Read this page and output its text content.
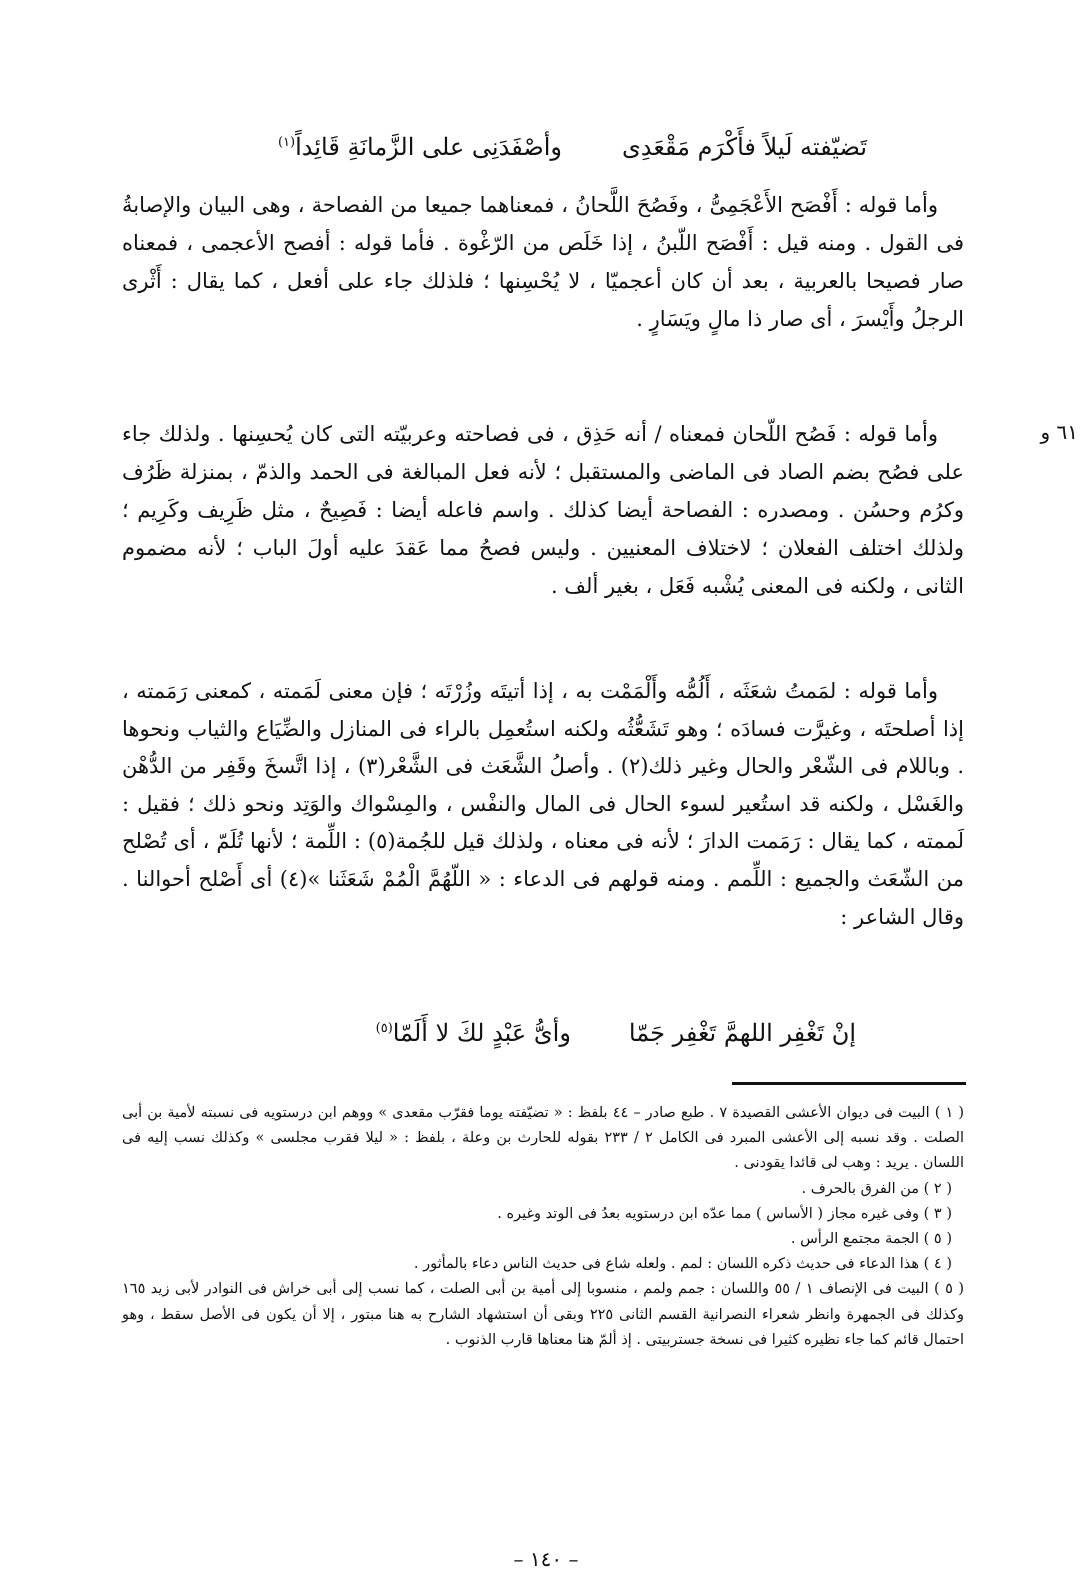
تَضيّفته لَيلاً فأَكْرَم مَقْعَدِىوأصْفَدَنِى على الزَّمانَةِ قَائِداً$^{(١)}$
وأما قوله : أَفْصَح الأَعْجَمِىُّ ، وفَصُحَ اللَّحانُ ، فمعناهما جميعا من الفصاحة ، وهى البيان والإصابةُ فى القول . ومنه قيل : أَفْصَح اللّبنُ ، إذا خَلَص من الرّغْوة . فأما قوله : أفصح الأعجمى ، فمعناه صار فصيحا بالعربية ، بعد أن كان أعجميّا ، لا يُحْسِنها ؛ فلذلك جاء على أفعل ، كما يقال : أَثْرى الرجلُ وأَيْسرَ ، أى صار ذا مالٍ ويَسَارٍ .
٦١ و
وأما قوله : فَصُح اللّحان فمعناه / أنه حَذِق ، فى فصاحته وعربيّته التى كان يُحسِنها . ولذلك جاء على فصُح بضم الصاد فى الماضى والمستقبل ؛ لأنه فعل المبالغة فى الحمد والذمّ ، بمنزلة ظَرُف وكرُم وحسُن . ومصدره : الفصاحة أيضا كذلك . واسم فاعله أيضا : فَصِيحٌ ، مثل ظَرِيف وكَرِيم ؛ ولذلك اختلف الفعلان ؛ لاختلاف المعنيين . وليس فصحُ مما عَقدَ عليه أولَ الباب ؛ لأنه مضموم الثانى ، ولكنه فى المعنى يُشْبه فَعَل ، بغير ألف .
وأما قوله : لمَمتُ شعَثَه ، أَلُمُّه وأَلْمَمْت به ، إذا أتيتَه وزُرْتَه ؛ فإن معنى لَمَمته ، كمعنى رَمَمته ، إذا أصلحتَه ، وغيرَّت فسادَه ؛ وهو تَشَعُّثُه ولكنه استُعمِل بالراء فى المنازل والضِّيَاع والثياب ونحوها . وباللام فى الشّعْر والحال وغير ذلك(٢) . وأصلُ الشَّعَث فى الشَّعْر(٣) ، إذا اتَّسخَ وقَفِر من الدُّهْن والغَسْل ، ولكنه قد استُعير لسوء الحال فى المال والنفْس ، والمِسْواك والوَتِد ونحو ذلك ؛ فقيل : لَممته ، كما يقال : رَمَمت الدارَ ؛ لأنه فى معناه ، ولذلك قيل للجُمة(٥) : اللِّمة ؛ لأنها تُلَمّ ، أى تُصْلح من الشّعَث والجميع : اللِّمم . ومنه قولهم فى الدعاء : « اللّهُمَّ الْمُمْ شَعَثَنا »(٤) أى أَصْلح أحوالنا . وقال الشاعر :
إنْ تَغْفِر اللهمَّ تَغْفِر جَمّاوأىُّ عَبْدٍ لكَ لا أَلَمّا$^{(٥)}$
( ١ ) البيت فى ديوان الأعشى القصيدة ٧ . طبع صادر – ٤٤ بلفظ : « تضيّفته يوما فقرّب مقعدى » ووهم ابن درستويه فى نسبته لأمية بن أبى الصلت . وقد نسبه إلى الأعشى المبرد فى الكامل ٢ / ٢٣٣ بقوله للحارث بن وعلة ، بلفظ : « ليلا فقرب مجلسى » وكذلك نسب إليه فى اللسان . يريد : وهب لى قائدا يقودنى .
( ٢ ) من الفرق بالحرف .
( ٣ ) وفى غيره مجاز ( الأساس ) مما عدّه ابن درستويه بعدُ فى الوتد وغيره .
( ٥ ) الجمة مجتمع الرأس .
( ٤ ) هذا الدعاء فى حديث ذكره اللسان : لمم . ولعله شاع فى حديث الناس دعاء بالمأثور .
( ٥ ) البيت فى الإنصاف ١ / ٥٥ واللسان : جمم ولمم ، منسوبا إلى أمية بن أبى الصلت ، كما نسب إلى أبى خراش فى النوادر لأبى زيد ١٦٥ وكذلك فى الجمهرة وانظر شعراء النصرانية القسم الثانى ٢٢٥ وبقى أن استشهاد الشارح به هنا مبتور ، إلا أن يكون فى الأصل سقط ، وهو احتمال قائم كما جاء نظيره كثيرا فى نسخة جستربيتى . إذ ألمّ هنا معناها قارب الذنوب .
– ١٤٠ –
